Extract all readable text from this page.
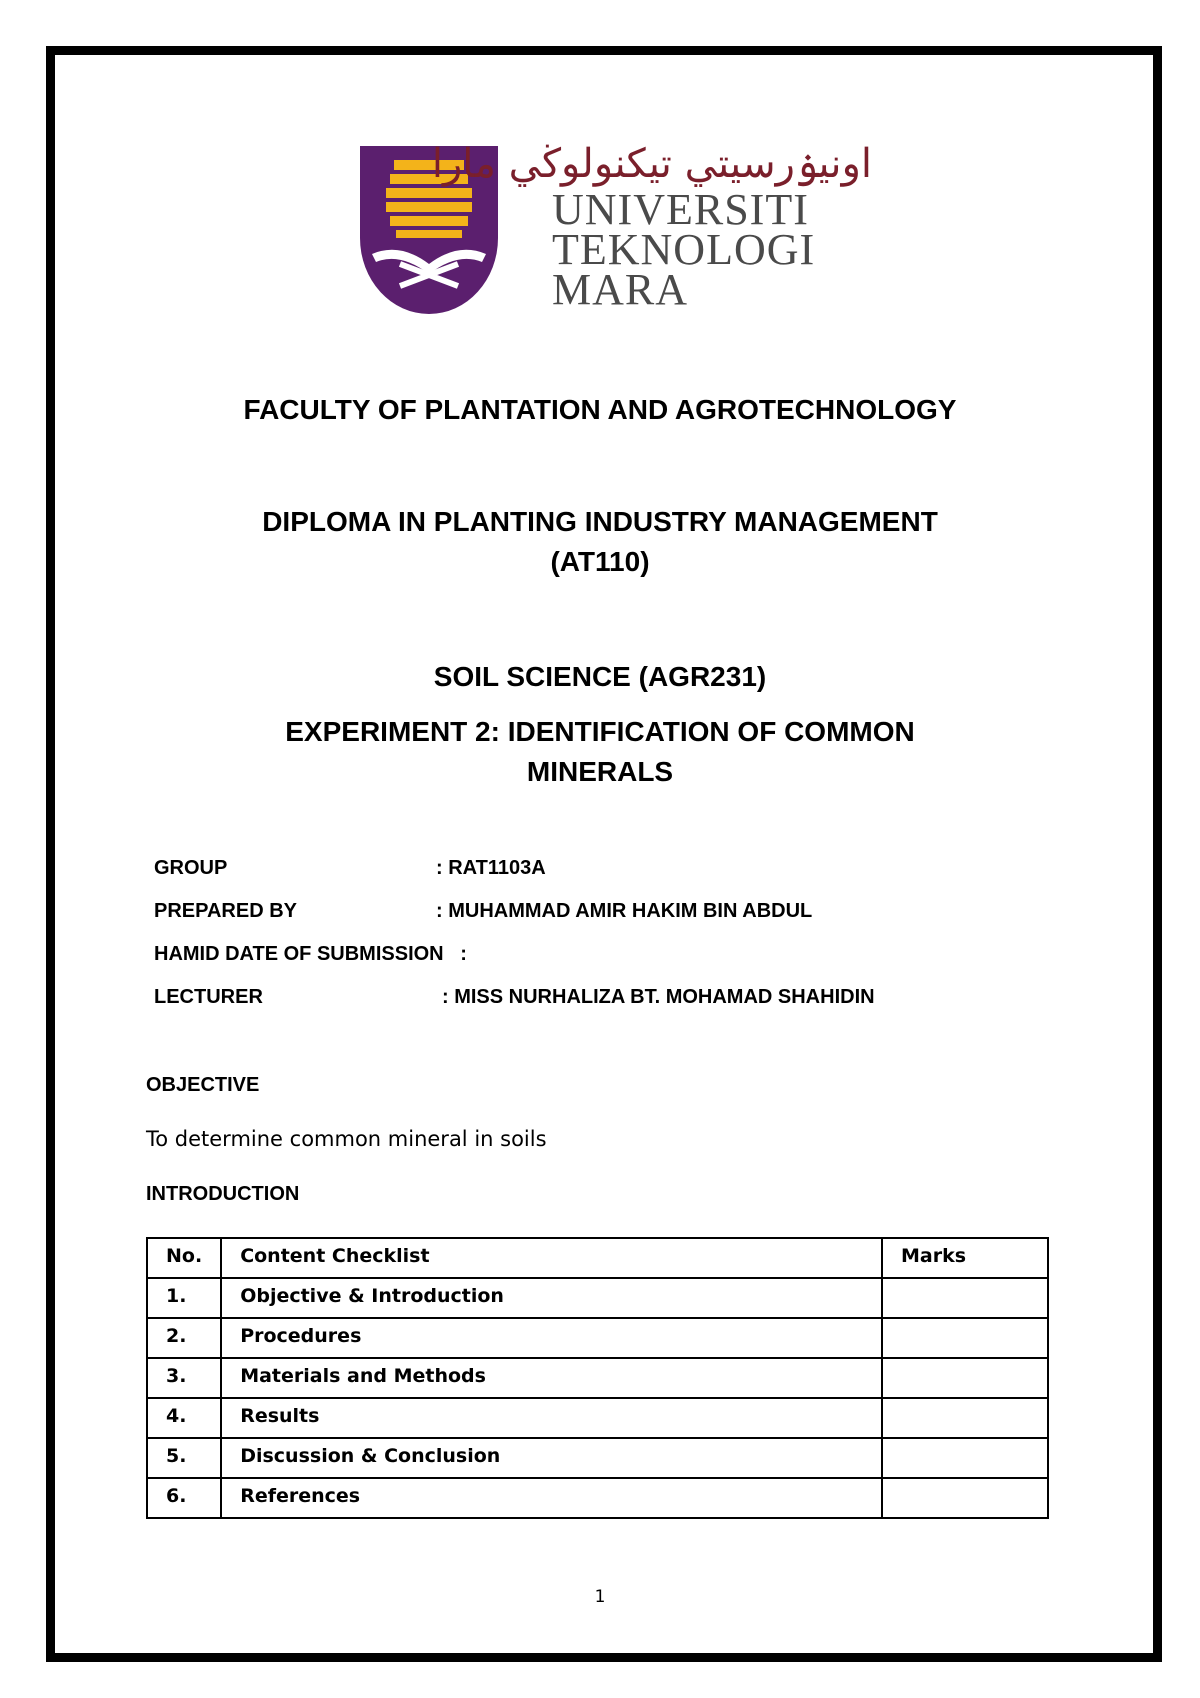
اونيۏرسيتي تيكنولوڬي مارا
UNIVERSITI
TEKNOLOGI
MARA
FACULTY OF PLANTATION AND AGROTECHNOLOGY
DIPLOMA IN PLANTING INDUSTRY MANAGEMENT
(AT110)
SOIL SCIENCE (AGR231)
EXPERIMENT 2: IDENTIFICATION OF COMMON
MINERALS
GROUP	: RAT1103A
PREPARED BY	: MUHAMMAD AMIR HAKIM BIN ABDUL
HAMID DATE OF SUBMISSION   :
LECTURER	: MISS NURHALIZA BT. MOHAMAD SHAHIDIN
OBJECTIVE
To determine common mineral in soils
INTRODUCTION
No.	Content Checklist	Marks
1.	Objective & Introduction	
2.	Procedures	
3.	Materials and Methods	
4.	Results	
5.	Discussion & Conclusion	
6.	References	
1
